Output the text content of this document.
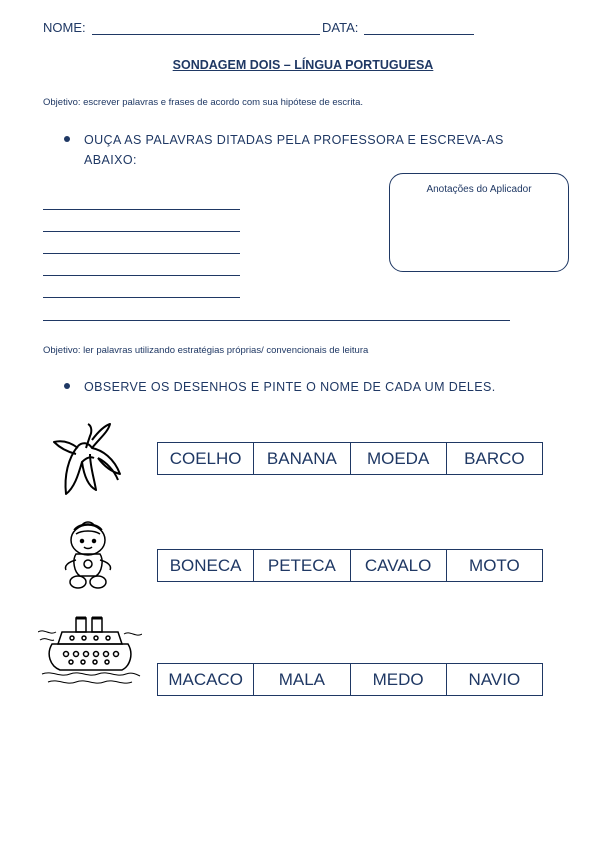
NOME:	DATA:
SONDAGEM DOIS – LÍNGUA PORTUGUESA
Objetivo: escrever palavras e frases de acordo com sua hipótese de escrita.
OUÇA AS PALAVRAS DITADAS PELA PROFESSORA E ESCREVA-AS ABAIXO:
Anotações do Aplicador
Objetivo: ler palavras utilizando estratégias próprias/ convencionais de leitura
OBSERVE OS DESENHOS E PINTE O NOME DE CADA UM DELES.
COELHO	BANANA	MOEDA	BARCO
BONECA	PETECA	CAVALO	MOTO
MACACO	MALA	MEDO	NAVIO
